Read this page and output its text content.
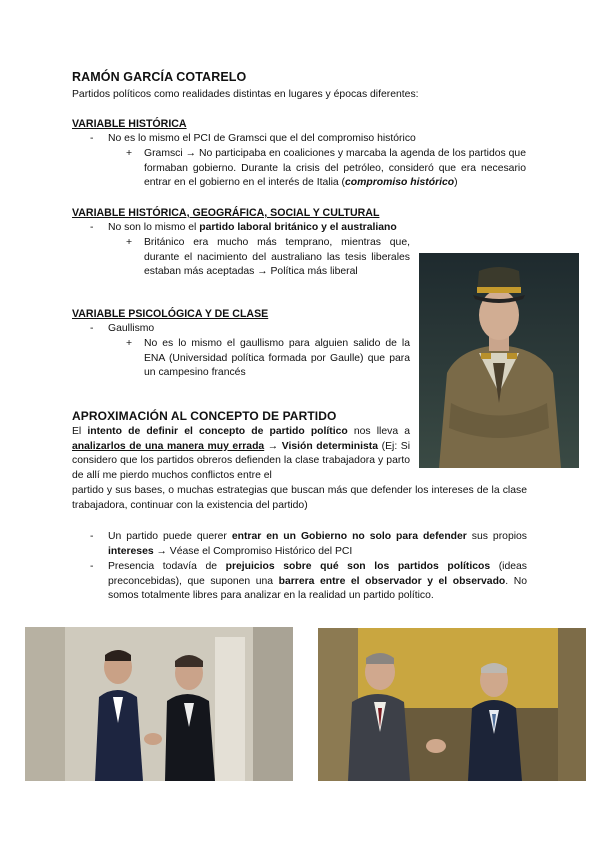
RAMÓN GARCÍA COTARELO
Partidos políticos como realidades distintas en lugares y épocas diferentes:
VARIABLE HISTÓRICA
- No es lo mismo el PCI de Gramsci que el del compromiso histórico
+ Gramsci → No participaba en coaliciones y marcaba la agenda de los partidos que formaban gobierno. Durante la crisis del petróleo, consideró que era necesario entrar en el gobierno en el interés de Italia (compromiso histórico)
VARIABLE HISTÓRICA, GEOGRÁFICA, SOCIAL Y CULTURAL
- No son lo mismo el partido laboral británico y el australiano
+ Británico era mucho más temprano, mientras que, durante el nacimiento del australiano las tesis liberales estaban más aceptadas → Política más liberal
VARIABLE PSICOLÓGICA Y DE CLASE
- Gaullismo
+ No es lo mismo el gaullismo para alguien salido de la ENA (Universidad política formada por Gaulle) que para un campesino francés
APROXIMACIÓN AL CONCEPTO DE PARTIDO
El intento de definir el concepto de partido político nos lleva a analizarlos de una manera muy errada → Visión determinista (Ej: Si considero que los partidos obreros defienden la clase trabajadora y parto de allí me pierdo muchos conflictos entre el
partido y sus bases, o muchas estrategias que buscan más que defender los intereses de la clase trabajadora, continuar con la existencia del partido)
- Un partido puede querer entrar en un Gobierno no solo para defender sus propios intereses → Véase el Compromiso Histórico del PCI
- Presencia todavía de prejuicios sobre qué son los partidos políticos (ideas preconcebidas), que suponen una barrera entre el observador y el observado. No somos totalmente libres para analizar en la realidad un partido político.
